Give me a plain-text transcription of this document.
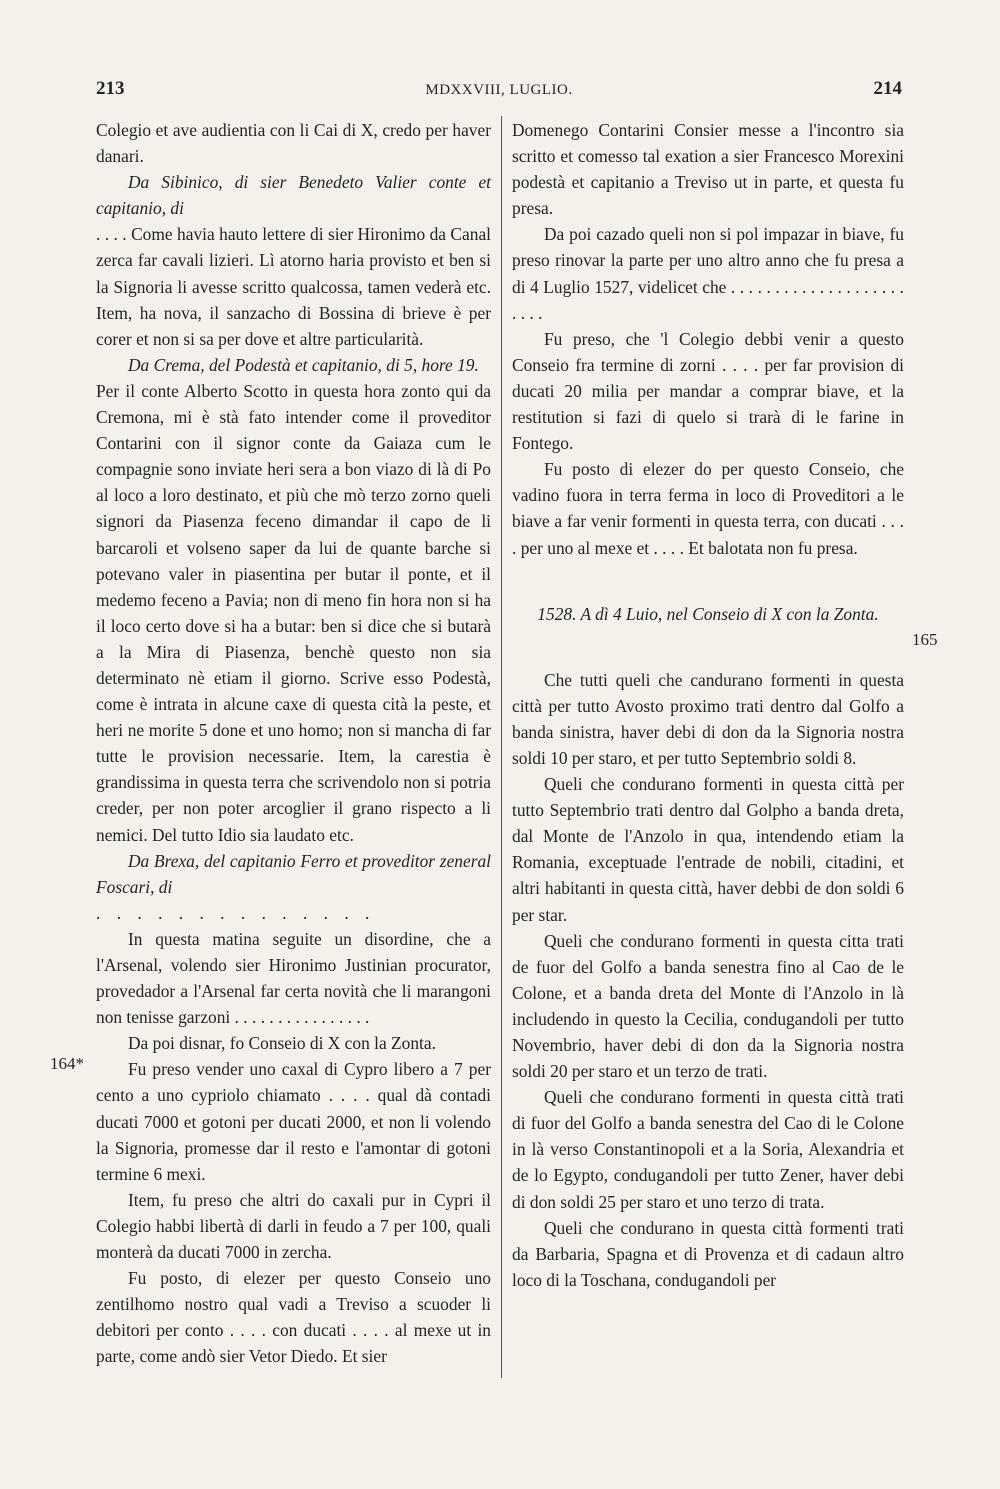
213	MDXXVIII, LUGLIO.	214
164*
165

Colegio et ave audientia con li Cai di X, credo per haver danari.

Da Sibinico, di sier Benedeto Valier conte et capitanio, di

. . . . Come havia hauto lettere di sier Hironimo da Canal zerca far cavali lizieri. Lì atorno haria provisto et ben si la Signoria li avesse scritto qualcossa, tamen vederà etc. Item, ha nova, il sanzacho di Bossina di brieve è per corer et non si sa per dove et altre particularità.

Da Crema, del Podestà et capitanio, di 5, hore 19.

Per il conte Alberto Scotto in questa hora zonto qui da Cremona, mi è stà fato intender come il proveditor Contarini con il signor conte da Gaiaza cum le compagnie sono inviate heri sera a bon viazo di là di Po al loco a loro destinato, et più che mò terzo zorno queli signori da Piasenza feceno dimandar il capo de li barcaroli et volseno saper da lui de quante barche si potevano valer in piasentina per butar il ponte, et il medemo feceno a Pavia; non di meno fin hora non si ha il loco certo dove si ha a butar: ben si dice che si butarà a la Mira di Piasenza, benchè questo non sia determinato nè etiam il giorno. Scrive esso Podestà, come è intrata in alcune caxe di questa cità la peste, et heri ne morite 5 done et uno homo; non si mancha di far tutte le provision necessarie. Item, la carestia è grandissima in questa terra che scrivendolo non si potria creder, per non poter arcoglier il grano rispecto a li nemici. Del tutto Idio sia laudato etc.

Da Brexa, del capitanio Ferro et proveditor zeneral Foscari, di

. . . . . . . . . . . . . .

In questa matina seguite un disordine, che a l'Arsenal, volendo sier Hironimo Justinian procurator, provedador a l'Arsenal far certa novità che li marangoni non tenisse garzoni . . . . . . . . . . . . . . . .

Da poi disnar, fo Conseio di X con la Zonta.

Fu preso vender uno caxal di Cypro libero a 7 per cento a uno cypriolo chiamato . . . . qual dà contadi ducati 7000 et gotoni per ducati 2000, et non li volendo la Signoria, promesse dar il resto e l'amontar di gotoni termine 6 mexi.

Item, fu preso che altri do caxali pur in Cypri il Colegio habbi libertà di darli in feudo a 7 per 100, quali monterà da ducati 7000 in zercha.

Fu posto, di elezer per questo Conseio uno zentilhomo nostro qual vadi a Treviso a scuoder li debitori per conto . . . . con ducati . . . . al mexe ut in parte, come andò sier Vetor Diedo. Et sier

Domenego Contarini Consier messe a l'incontro sia scritto et comesso tal exation a sier Francesco Morexini podestà et capitanio a Treviso ut in parte, et questa fu presa.

Da poi cazado queli non si pol impazar in biave, fu preso rinovar la parte per uno altro anno che fu presa a di 4 Luglio 1527, videlicet che . . . . . . . . . . . . . . . . . . . . . . . .

Fu preso, che 'l Colegio debbi venir a questo Conseio fra termine di zorni . . . . per far provision di ducati 20 milia per mandar a comprar biave, et la restitution si fazi di quelo si trarà di le farine in Fontego.

Fu posto di elezer do per questo Conseio, che vadino fuora in terra ferma in loco di Proveditori a le biave a far venir formenti in questa terra, con ducati . . . . per uno al mexe et . . . . Et balotata non fu presa.

1528. A dì 4 Luio, nel Conseio di X con la Zonta.

Che tutti queli che candurano formenti in questa città per tutto Avosto proximo trati dentro dal Golfo a banda sinistra, haver debi di don da la Signoria nostra soldi 10 per staro, et per tutto Septembrio soldi 8.

Queli che condurano formenti in questa città per tutto Septembrio trati dentro dal Golpho a banda dreta, dal Monte de l'Anzolo in qua, intendendo etiam la Romania, exceptuade l'entrade de nobili, citadini, et altri habitanti in questa città, haver debbi de don soldi 6 per star.

Queli che condurano formenti in questa citta trati de fuor del Golfo a banda senestra fino al Cao de le Colone, et a banda dreta del Monte di l'Anzolo in là includendo in questo la Cecilia, condugandoli per tutto Novembrio, haver debi di don da la Signoria nostra soldi 20 per staro et un terzo de trati.

Queli che condurano formenti in questa città trati di fuor del Golfo a banda senestra del Cao di le Colone in là verso Constantinopoli et a la Soria, Alexandria et de lo Egypto, condugandoli per tutto Zener, haver debi di don soldi 25 per staro et uno terzo di trata.

Queli che condurano in questa città formenti trati da Barbaria, Spagna et di Provenza et di cadaun altro loco di la Toschana, condugandoli per
